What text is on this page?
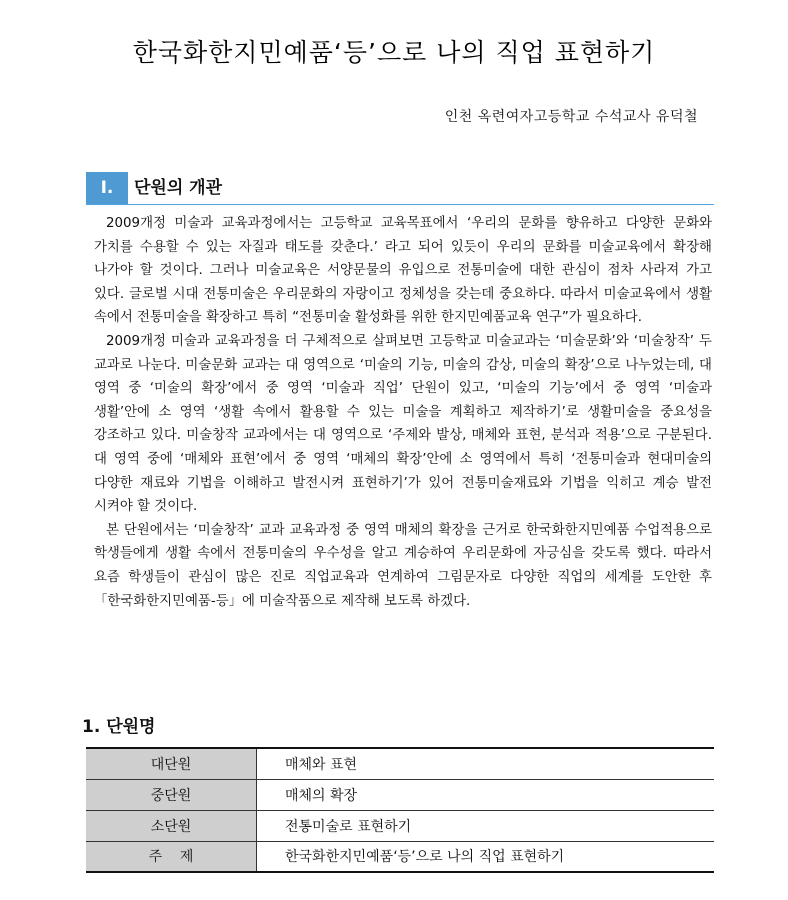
한국화한지민예품‘등’으로 나의 직업 표현하기
인천 옥련여자고등학교 수석교사 유덕철
Ⅰ.	단원의 개관

2009개정 미술과 교육과정에서는 고등학교 교육목표에서 ‘우리의 문화를 향유하고 다양한 문화와 가치를 수용할 수 있는 자질과 태도를 갖춘다.’ 라고 되어 있듯이 우리의 문화를 미술교육에서 확장해 나가야 할 것이다. 그러나 미술교육은 서양문물의 유입으로 전통미술에 대한 관심이 점차 사라져 가고 있다. 글로벌 시대 전통미술은 우리문화의 자랑이고 정체성을 갖는데 중요하다. 따라서 미술교육에서 생활 속에서 전통미술을 확장하고 특히 “전통미술 활성화를 위한 한지민예품교육 연구”가 필요하다.

2009개정 미술과 교육과정을 더 구체적으로 살펴보면 고등학교 미술교과는 ‘미술문화’와 ‘미술창작’ 두 교과로 나눈다. 미술문화 교과는 대 영역으로 ‘미술의 기능, 미술의 감상, 미술의 확장’으로 나누었는데, 대 영역 중 ‘미술의 확장’에서 중 영역 ‘미술과 직업’ 단원이 있고, ‘미술의 기능’에서 중 영역 ‘미술과 생활’안에 소 영역 ‘생활 속에서 활용할 수 있는 미술을 계획하고 제작하기’로 생활미술을 중요성을 강조하고 있다. 미술창작 교과에서는 대 영역으로 ‘주제와 발상, 매체와 표현, 분석과 적용’으로 구분된다. 대 영역 중에 ‘매체와 표현’에서 중 영역 ‘매체의 확장’안에 소 영역에서 특히 ‘전통미술과 현대미술의 다양한 재료와 기법을 이해하고 발전시켜 표현하기’가 있어 전통미술재료와 기법을 익히고 계승 발전 시켜야 할 것이다.

본 단원에서는 ‘미술창작’ 교과 교육과정 중 영역 매체의 확장을 근거로 한국화한지민예품 수업적용으로 학생들에게 생활 속에서 전통미술의 우수성을 알고 계승하여 우리문화에 자긍심을 갖도록 했다. 따라서 요즘 학생들이 관심이 많은 진로 직업교육과 연계하여 그림문자로 다양한 직업의 세계를 도안한 후「한국화한지민예품-등」에 미술작품으로 제작해 보도록 하겠다.

1. 단원명
대단원	매체와 표현
중단원	매체의 확장
소단원	전통미술로 표현하기
주    제	한국화한지민예품‘등’으로 나의 직업 표현하기
